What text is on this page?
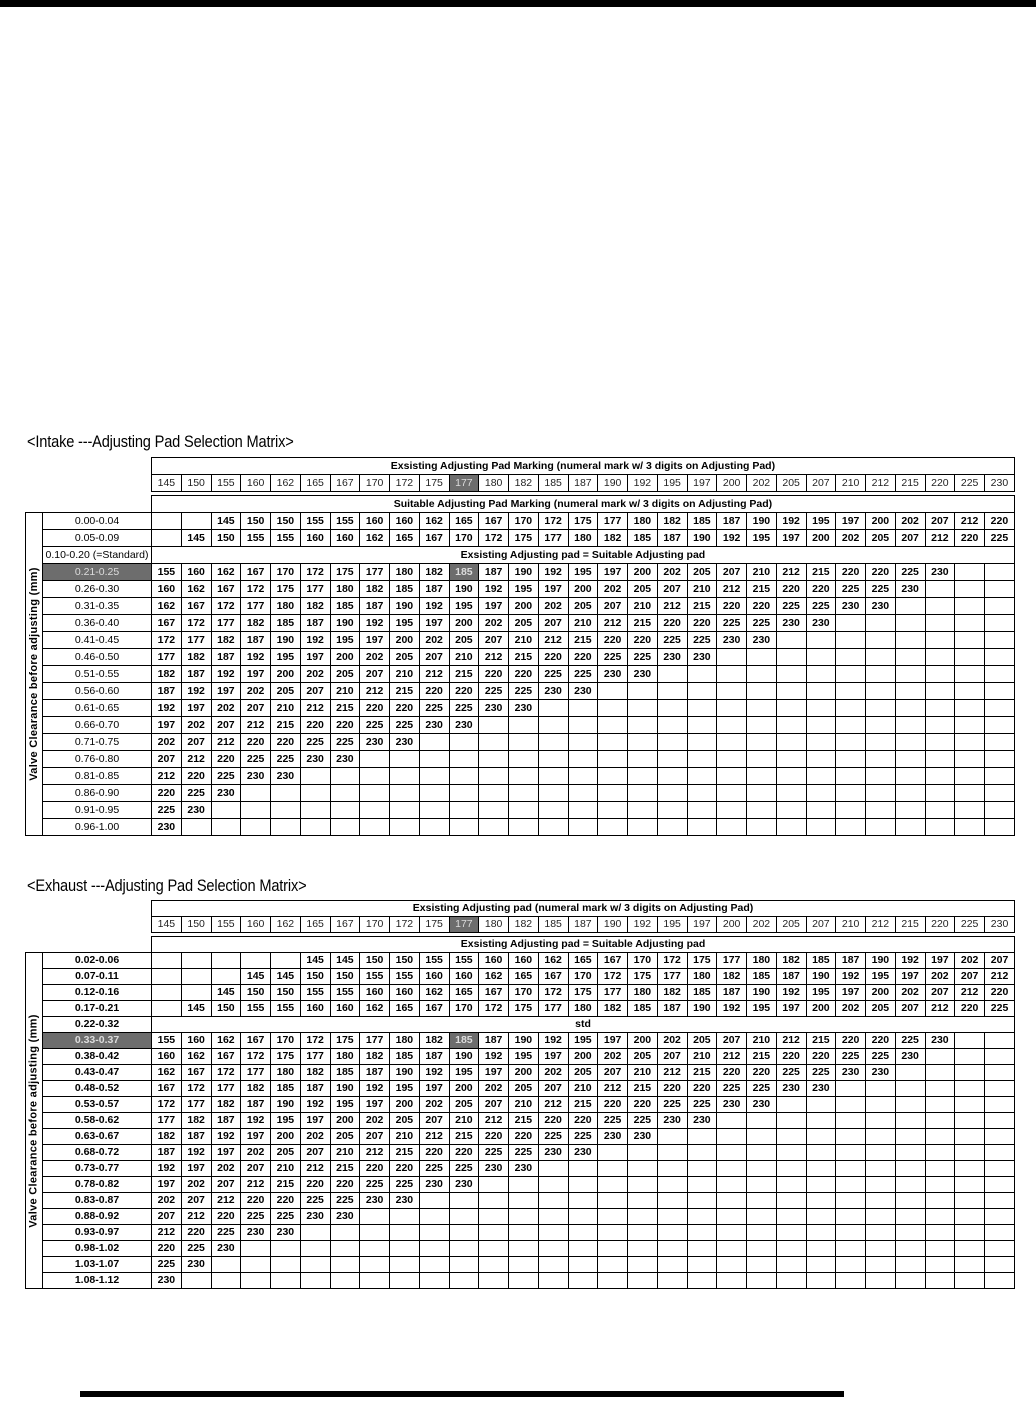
<Intake ---Adjusting Pad Selection Matrix>
		Exsisting Adjusting Pad Marking (numeral mark w/ 3 digits on Adjusting Pad)																												
		145	150	155	160	162	165	167	170	172	175	177	180	182	185	187	190	192	195	197	200	202	205	207	210	212	215	220	225	230

		Suitable Adjusting Pad Marking (numeral mark w/ 3 digits on Adjusting Pad)																												

Valve Clearance before adjusting (mm)	0.00-0.04			145	150	150	155	155	160	160	162	165	167	170	172	175	177	180	182	185	187	190	192	195	197	200	202	207	212	220
	0.05-0.09		145	150	155	155	160	160	162	165	167	170	172	175	177	180	182	185	187	190	192	195	197	200	202	205	207	212	220	225
	0.10-0.20 (=Standard)	Exsisting Adjusting pad = Suitable Adjusting pad																												
	0.21-0.25	155	160	162	167	170	172	175	177	180	182	185	187	190	192	195	197	200	202	205	207	210	212	215	220	220	225	230		
	0.26-0.30	160	162	167	172	175	177	180	182	185	187	190	192	195	197	200	202	205	207	210	212	215	220	220	225	225	230			
	0.31-0.35	162	167	172	177	180	182	185	187	190	192	195	197	200	202	205	207	210	212	215	220	220	225	225	230	230				
	0.36-0.40	167	172	177	182	185	187	190	192	195	197	200	202	205	207	210	212	215	220	220	225	225	230	230						
	0.41-0.45	172	177	182	187	190	192	195	197	200	202	205	207	210	212	215	220	220	225	225	230	230								
	0.46-0.50	177	182	187	192	195	197	200	202	205	207	210	212	215	220	220	225	225	230	230										
	0.51-0.55	182	187	192	197	200	202	205	207	210	212	215	220	220	225	225	230	230												
	0.56-0.60	187	192	197	202	205	207	210	212	215	220	220	225	225	230	230														
	0.61-0.65	192	197	202	207	210	212	215	220	220	225	225	230	230																
	0.66-0.70	197	202	207	212	215	220	220	225	225	230	230																		
	0.71-0.75	202	207	212	220	220	225	225	230	230																				
	0.76-0.80	207	212	220	225	225	230	230																						
	0.81-0.85	212	220	225	230	230																								
	0.86-0.90	220	225	230																										
	0.91-0.95	225	230																											
	0.96-1.00	230																												
<Exhaust ---Adjusting Pad Selection Matrix>
		Exsisting Adjusting pad (numeral mark w/ 3 digits on Adjusting Pad)																												
		145	150	155	160	162	165	167	170	172	175	177	180	182	185	187	190	192	195	197	200	202	205	207	210	212	215	220	225	230

		Exsisting Adjusting pad = Suitable Adjusting pad																												

Valve Clearance before adjusting (mm)	0.02-0.06						145	145	150	150	155	155	160	160	162	165	167	170	172	175	177	180	182	185	187	190	192	197	202	207
	0.07-0.11				145	145	150	150	155	155	160	160	162	165	167	170	172	175	177	180	182	185	187	190	192	195	197	202	207	212
	0.12-0.16			145	150	150	155	155	160	160	162	165	167	170	172	175	177	180	182	185	187	190	192	195	197	200	202	207	212	220
	0.17-0.21		145	150	155	155	160	160	162	165	167	170	172	175	177	180	182	185	187	190	192	195	197	200	202	205	207	212	220	225
	0.22-0.32	std																												
	0.33-0.37	155	160	162	167	170	172	175	177	180	182	185	187	190	192	195	197	200	202	205	207	210	212	215	220	220	225	230		
	0.38-0.42	160	162	167	172	175	177	180	182	185	187	190	192	195	197	200	202	205	207	210	212	215	220	220	225	225	230			
	0.43-0.47	162	167	172	177	180	182	185	187	190	192	195	197	200	202	205	207	210	212	215	220	220	225	225	230	230				
	0.48-0.52	167	172	177	182	185	187	190	192	195	197	200	202	205	207	210	212	215	220	220	225	225	230	230						
	0.53-0.57	172	177	182	187	190	192	195	197	200	202	205	207	210	212	215	220	220	225	225	230	230								
	0.58-0.62	177	182	187	192	195	197	200	202	205	207	210	212	215	220	220	225	225	230	230										
	0.63-0.67	182	187	192	197	200	202	205	207	210	212	215	220	220	225	225	230	230												
	0.68-0.72	187	192	197	202	205	207	210	212	215	220	220	225	225	230	230														
	0.73-0.77	192	197	202	207	210	212	215	220	220	225	225	230	230																
	0.78-0.82	197	202	207	212	215	220	220	225	225	230	230																		
	0.83-0.87	202	207	212	220	220	225	225	230	230																				
	0.88-0.92	207	212	220	225	225	230	230																						
	0.93-0.97	212	220	225	230	230																								
	0.98-1.02	220	225	230																										
	1.03-1.07	225	230																											
	1.08-1.12	230																												
